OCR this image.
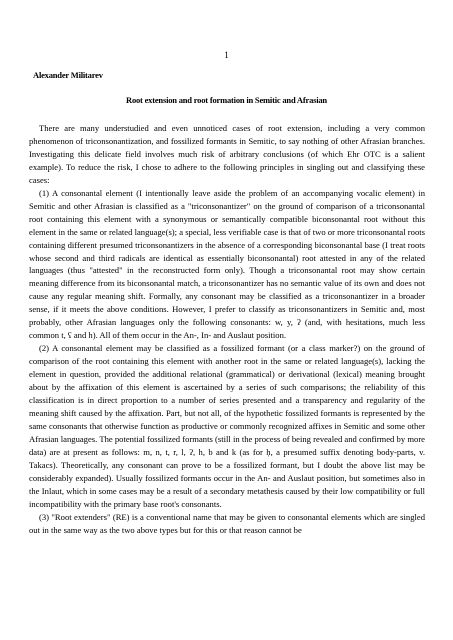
1
Alexander Militarev
Root extension and root formation in Semitic and Afrasian

There are many understudied and even unnoticed cases of root extension, including a very common phenomenon of triconsonantization, and fossilized formants in Semitic, to say nothing of other Afrasian branches. Investigating this delicate field involves much risk of arbitrary conclusions (of which Ehr OTC is a salient example). To reduce the risk, I chose to adhere to the following principles in singling out and classifying these cases:

(1) A consonantal element (I intentionally leave aside the problem of an accompanying vocalic element) in Semitic and other Afrasian is classified as a "triconsonantizer" on the ground of comparison of a triconsonantal root containing this element with a synonymous or semantically compatible biconsonantal root without this element in the same or related language(s); a special, less verifiable case is that of two or more triconsonantal roots containing different presumed triconsonantizers in the absence of a corresponding biconsonantal base (I treat roots whose second and third radicals are identical as essentially biconsonantal) root attested in any of the related languages (thus "attested" in the reconstructed form only). Though a triconsonantal root may show certain meaning difference from its biconsonantal match, a triconsonantizer has no semantic value of its own and does not cause any regular meaning shift. Formally, any consonant may be classified as a triconsonantizer in a broader sense, if it meets the above conditions. However, I prefer to classify as triconsonantizers in Semitic and, most probably, other Afrasian languages only the following consonants: w, y, ʔ (and, with hesitations, much less common t, ʕ and h). All of them occur in the An-, In- and Auslaut position.

(2) A consonantal element may be classified as a fossilized formant (or a class marker?) on the ground of comparison of the root containing this element with another root in the same or related language(s), lacking the element in question, provided the additional relational (grammatical) or derivational (lexical) meaning brought about by the affixation of this element is ascertained by a series of such comparisons; the reliability of this classification is in direct proportion to a number of series presented and a transparency and regularity of the meaning shift caused by the affixation. Part, but not all, of the hypothetic fossilized formants is represented by the same consonants that otherwise function as productive or commonly recognized affixes in Semitic and some other Afrasian languages. The potential fossilized formants (still in the process of being revealed and confirmed by more data) are at present as follows: m, n, t, r, l, ʔ, h, b and k (as for ḥ, a presumed suffix denoting body-parts, v. Takacs). Theoretically, any consonant can prove to be a fossilized formant, but I doubt the above list may be considerably expanded). Usually fossilized formants occur in the An- and Auslaut position, but sometimes also in the Inlaut, which in some cases may be a result of a secondary metathesis caused by their low compatibility or full incompatibility with the primary base root's consonants.

(3) "Root extenders" (RE) is a conventional name that may be given to consonantal elements which are singled out in the same way as the two above types but for this or that reason cannot be
